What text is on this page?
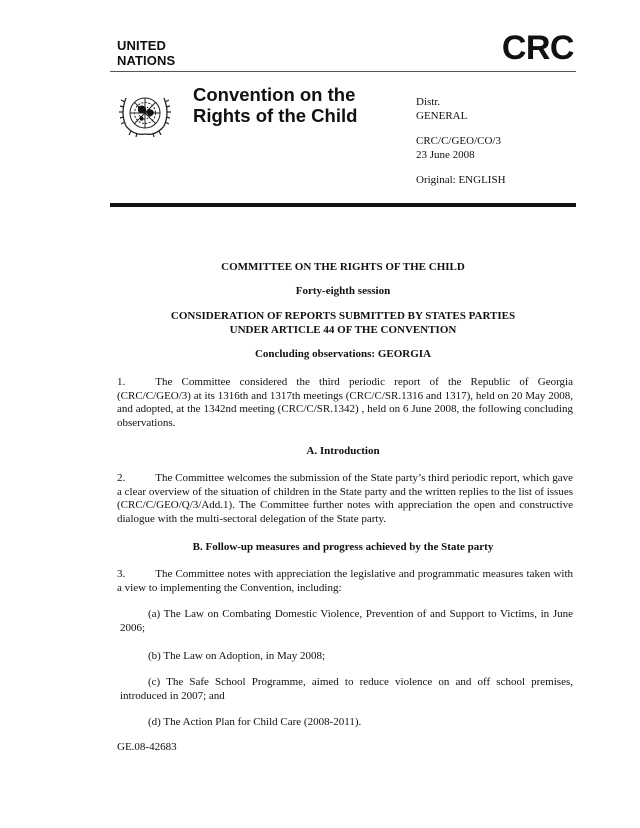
UNITED
NATIONS	CRC
Convention on the
Rights of the Child

Distr.

GENERAL

CRC/C/GEO/CO/3

23 June 2008

Original: ENGLISH

COMMITTEE ON THE RIGHTS OF THE CHILD
Forty-eighth session
CONSIDERATION OF REPORTS SUBMITTED BY STATES PARTIES
UNDER ARTICLE 44 OF THE CONVENTION
Concluding observations: GEORGIA
1.	The Committee considered the third periodic report of the Republic of Georgia (CRC/C/GEO/3) at its 1316th and 1317th meetings (CRC/C/SR.1316 and 1317), held on 20 May 2008, and adopted, at the 1342nd meeting (CRC/C/SR.1342) , held on 6 June 2008, the following concluding observations.
A. Introduction
2.	The Committee welcomes the submission of the State party’s third periodic report, which gave a clear overview of the situation of children in the State party and the written replies to the list of issues (CRC/C/GEO/Q/3/Add.1). The Committee further notes with appreciation the open and constructive dialogue with the multi-sectoral delegation of the State party.
B. Follow-up measures and progress achieved by the State party
3.	The Committee notes with appreciation the legislative and programmatic measures taken with a view to implementing the Convention, including:
(a) The Law on Combating Domestic Violence, Prevention of and Support to Victims, in June 2006;
(b) The Law on Adoption, in May 2008;
(c) The Safe School Programme, aimed to reduce violence on and off school premises, introduced in 2007; and
(d) The Action Plan for Child Care (2008-2011).
GE.08-42683
